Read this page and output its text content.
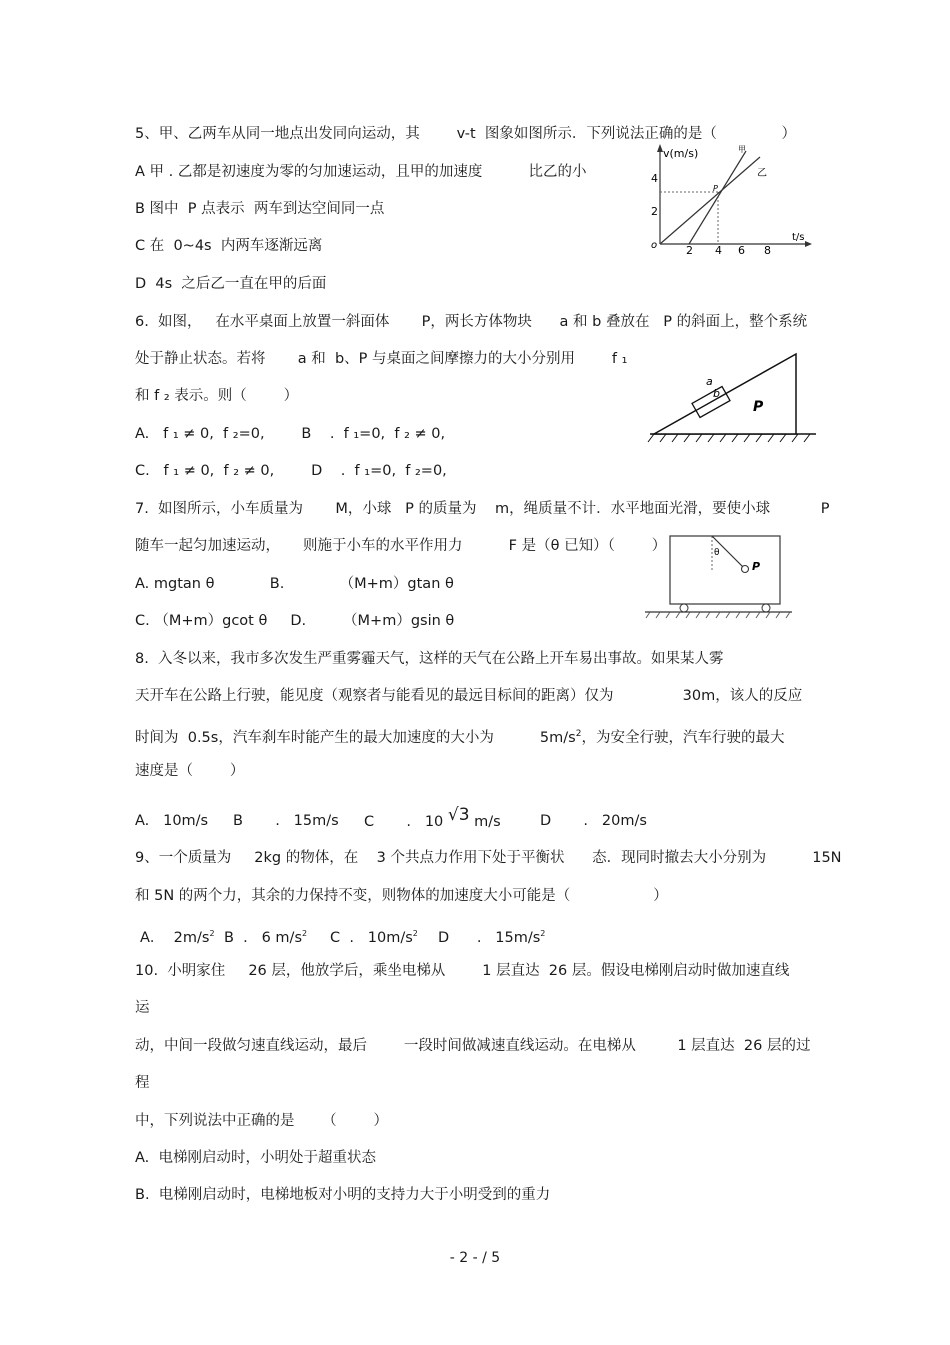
5、甲、乙两车从同一地点出发同向运动，其        v-t  图象如图所示．下列说法正确的是（              ）
A 甲 . 乙都是初速度为零的匀加速运动，且甲的加速度          比乙的小
B 图中  P 点表示  两车到达空间同一点
C 在  0~4s  内两车逐渐远离
D  4s  之后乙一直在甲的后面
v(m/s)
t/s
o
4
2
2 4 6 8
P
甲
乙
6.  如图，   在水平桌面上放置一斜面体       P，两长方体物块      a 和 b 叠放在   P 的斜面上，整个系统
处于静止状态。若将       a 和  b、P 与桌面之间摩擦力的大小分别用        f ₁
和 f ₂ 表示。则（        ）
A.   f ₁ ≠ 0,  f ₂=0,        B    .  f ₁=0,  f ₂ ≠ 0,
C.   f ₁ ≠ 0,  f ₂ ≠ 0,        D    .  f ₁=0,  f ₂=0,
a
b
P
7.  如图所示，小车质量为       M，小球   P 的质量为    m，绳质量不计．水平地面光滑，要使小球           P
随车一起匀加速运动，     则施于小车的水平作用力          F 是（θ 已知）（        ）
A. mgtan θ            B.            （M+m）gtan θ
C. （M+m）gcot θ     D.        （M+m）gsin θ
θ
P
8.  入冬以来，我市多次发生严重雾霾天气，这样的天气在公路上开车易出事故。如果某人雾
天开车在公路上行驶，能见度（观察者与能看见的最远目标间的距离）仅为               30m，该人的反应
时间为  0.5s，汽车刹车时能产生的最大加速度的大小为          $5m/s^2$，为安全行驶，汽车行驶的最大
速度是（        ）
A.   10m/s B       .   15m/s C       .   10 √3 m/s	D       .   20m/s
9、一个质量为     2kg 的物体，在    3 个共点力作用下处于平衡状      态．现同时撤去大小分别为          15N
和 5N 的两个力，其余的力保持不变，则物体的加速度大小可能是（                  ）
A．  $2m/s^2$ B  .   6 $m/s^2$ C  .   $10m/s^2$ D      .   $15m/s^2$
10.  小明家住     26 层，他放学后，乘坐电梯从        1 层直达  26 层。假设电梯刚启动时做加速直线
运
动，中间一段做匀速直线运动，最后        一段时间做减速直线运动。在电梯从         1 层直达  26 层的过
程
中，下列说法中正确的是      （        ）
A.  电梯刚启动时，小明处于超重状态
B.  电梯刚启动时，电梯地板对小明的支持力大于小明受到的重力
- 2 - / 5
